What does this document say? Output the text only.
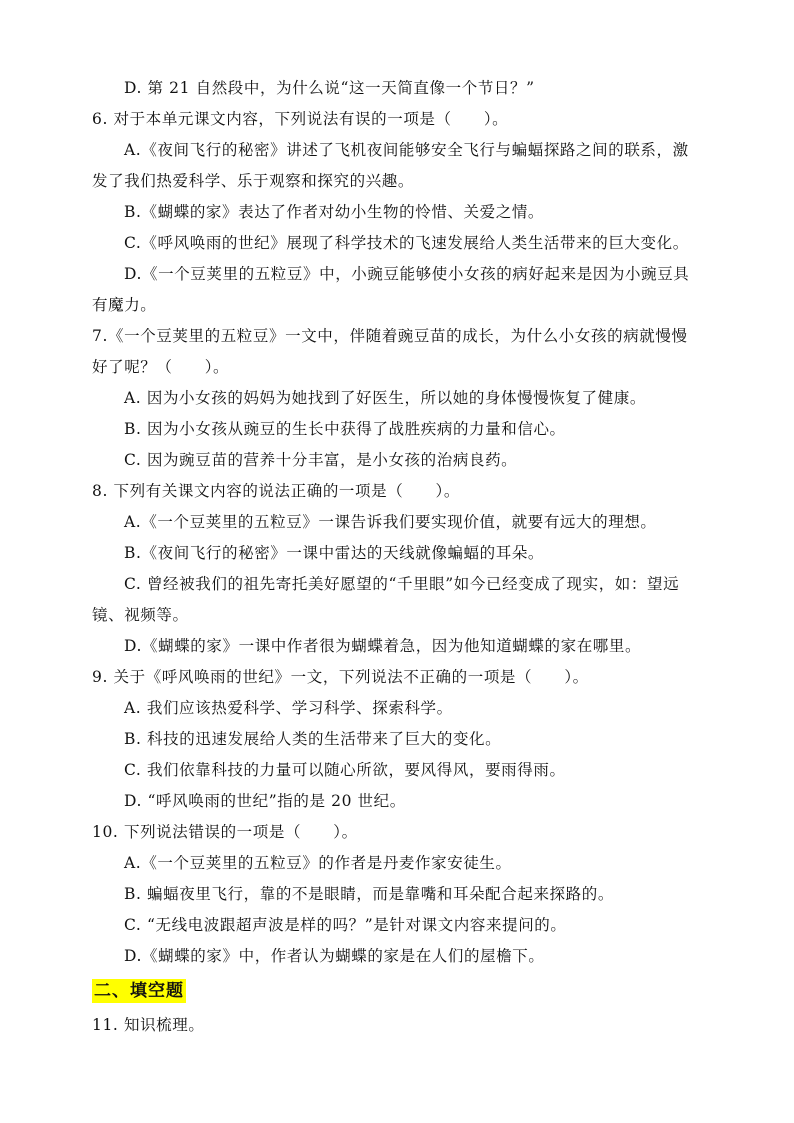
D. 第 21 自然段中，为什么说“这一天简直像一个节日？”
6. 对于本单元课文内容，下列说法有误的一项是（　　）。
A.《夜间飞行的秘密》讲述了飞机夜间能够安全飞行与蝙蝠探路之间的联系，激
发了我们热爱科学、乐于观察和探究的兴趣。
B.《蝴蝶的家》表达了作者对幼小生物的怜惜、关爱之情。
C.《呼风唤雨的世纪》展现了科学技术的飞速发展给人类生活带来的巨大变化。
D.《一个豆荚里的五粒豆》中，小豌豆能够使小女孩的病好起来是因为小豌豆具
有魔力。
7.《一个豆荚里的五粒豆》一文中，伴随着豌豆苗的成长，为什么小女孩的病就慢慢
好了呢？（　　）。
A. 因为小女孩的妈妈为她找到了好医生，所以她的身体慢慢恢复了健康。
B. 因为小女孩从豌豆的生长中获得了战胜疾病的力量和信心。
C. 因为豌豆苗的营养十分丰富，是小女孩的治病良药。
8. 下列有关课文内容的说法正确的一项是（　　）。
A.《一个豆荚里的五粒豆》一课告诉我们要实现价值，就要有远大的理想。
B.《夜间飞行的秘密》一课中雷达的天线就像蝙蝠的耳朵。
C. 曾经被我们的祖先寄托美好愿望的“千里眼”如今已经变成了现实，如：望远
镜、视频等。
D.《蝴蝶的家》一课中作者很为蝴蝶着急，因为他知道蝴蝶的家在哪里。
9. 关于《呼风唤雨的世纪》一文，下列说法不正确的一项是（　　）。
A. 我们应该热爱科学、学习科学、探索科学。
B. 科技的迅速发展给人类的生活带来了巨大的变化。
C. 我们依靠科技的力量可以随心所欲，要风得风，要雨得雨。
D. “呼风唤雨的世纪”指的是 20 世纪。
10. 下列说法错误的一项是（　　）。
A.《一个豆荚里的五粒豆》的作者是丹麦作家安徒生。
B. 蝙蝠夜里飞行，靠的不是眼睛，而是靠嘴和耳朵配合起来探路的。
C. “无线电波跟超声波是样的吗？”是针对课文内容来提问的。
D.《蝴蝶的家》中，作者认为蝴蝶的家是在人们的屋檐下。
二、填空题
11. 知识梳理。
